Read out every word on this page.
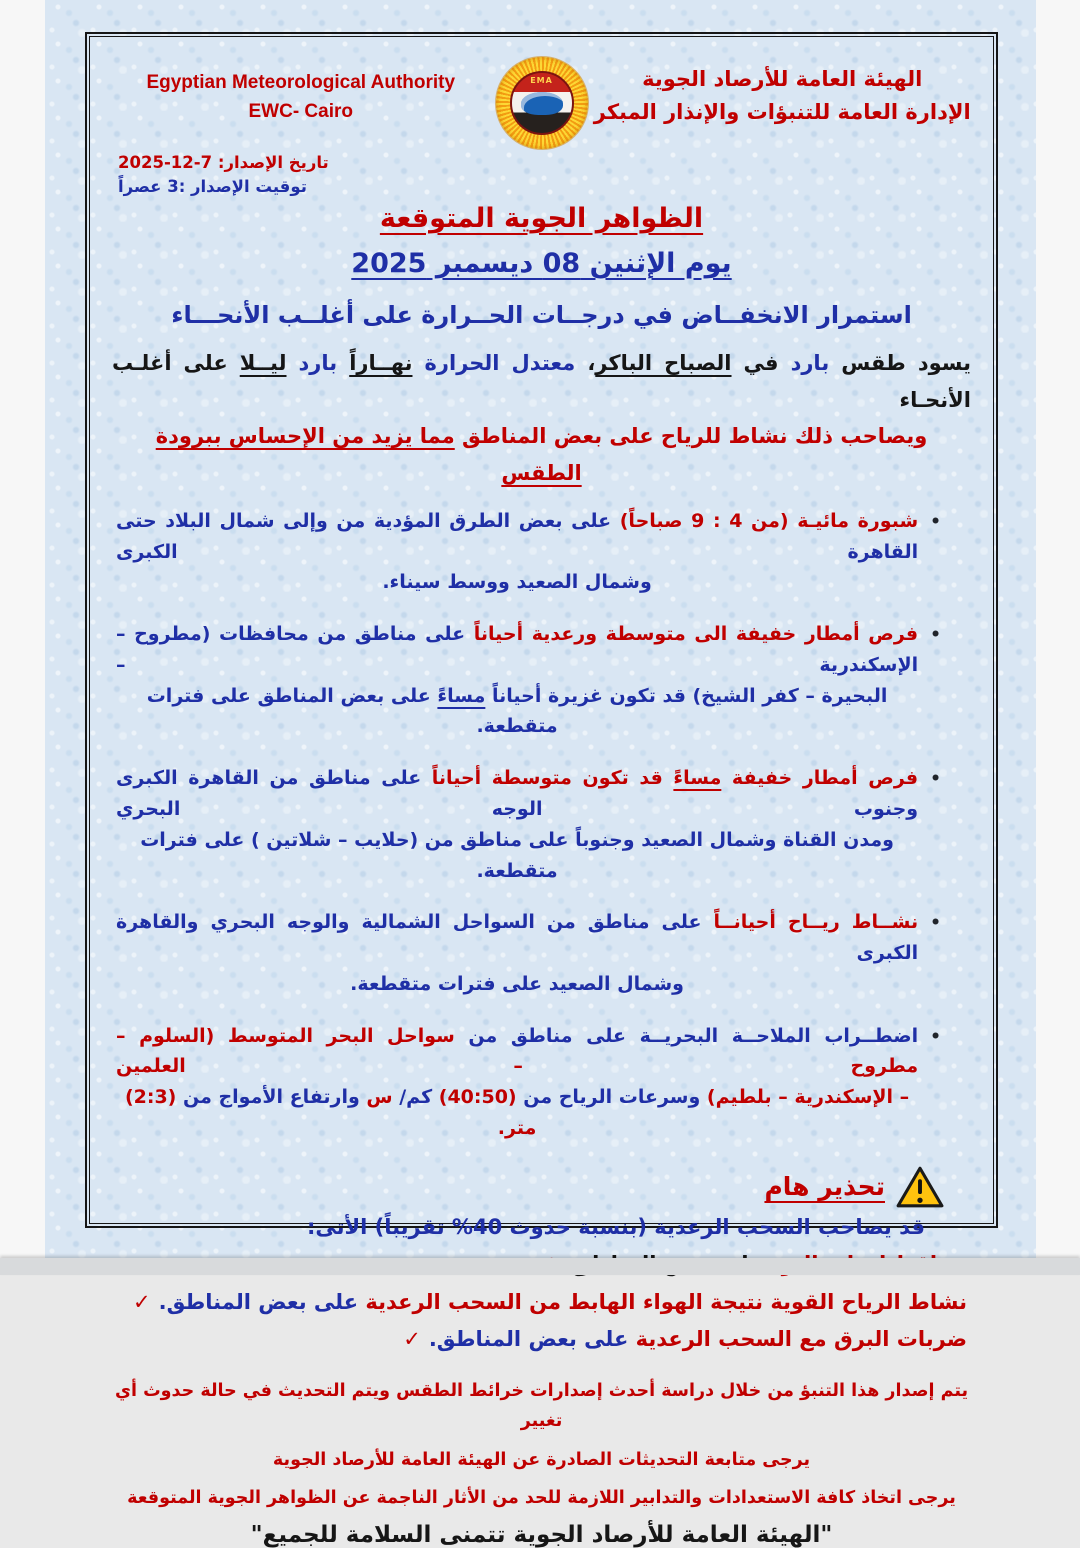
Egyptian Meteorological Authority
EWC- Cairo
EMA	الهيئة العامة للأرصاد الجوية
الإدارة العامة للتنبؤات والإنذار المبكر
تاريخ الإصدار: 7-12-2025
توقيت الإصدار :3 عصراً
الظواهر الجوية المتوقعة
يوم الإثنين 08 ديسمبر 2025
استمرار الانخفــاض في درجــات الحــرارة على أغلــب الأنحـــاء
يسود طقس بارد في الصباح الباكر، معتدل الحرارة نهــاراً بارد ليــلا على أغلـب الأنحـاء
ويصاحب ذلك نشاط للرياح على بعض المناطق مما يزيد من الإحساس ببرودة الطقس
•
شبورة مائيـة (من 4 : 9 صباحاً) على بعض الطرق المؤدية من وإلى شمال البلاد حتى القاهرة الكبرى
وشمال الصعيد ووسط سيناء.
•
فرص أمطار خفيفة الى متوسطة ورعدية أحياناً على مناطق من محافظات (مطروح – الإسكندرية –
البحيرة – كفر الشيخ) قد تكون غزيرة أحياناً مساءً على بعض المناطق على فترات متقطعة.
•
فرص أمطار خفيفة مساءً قد تكون متوسطة أحياناً على مناطق من القاهرة الكبرى وجنوب الوجه البحري
ومدن القناة وشمال الصعيد وجنوباً على مناطق من (حلايب – شلاتين ) على فترات متقطعة.
•
نشــاط ريــاح أحيانــاً على مناطق من السواحل الشمالية والوجه البحري والقاهرة الكبرى
وشمال الصعيد على فترات متقطعة.
•
اضطــراب الملاحــة البحريــة على مناطق من سواحل البحر المتوسط (السلوم – مطروح – العلمين
– الإسكندرية – بلطيم) وسرعات الرياح من (40:50) كم/ س وارتفاع الأمواج من (2:3) متر.
تحذير هام
قد يصاحب السحب الرعدية (بنسبة حدوث 40% تقريباً) الأتى:
نشاط الرياح القوية نتيجة الهواء الهابط من السحب الرعدية على بعض المناطق.✓
ضربات البرق مع السحب الرعدية على بعض المناطق.✓
يتم إصدار هذا التنبؤ من خلال دراسة أحدث إصدارات خرائط الطقس ويتم التحديث في حالة حدوث أي تغيير
يرجى متابعة التحديثات الصادرة عن الهيئة العامة للأرصاد الجوية
يرجى اتخاذ كافة الاستعدادات والتدابير اللازمة للحد من الأثار الناجمة عن الظواهر الجوية المتوقعة
"الهيئة العامة للأرصاد الجوية تتمنى السلامة للجميع"
